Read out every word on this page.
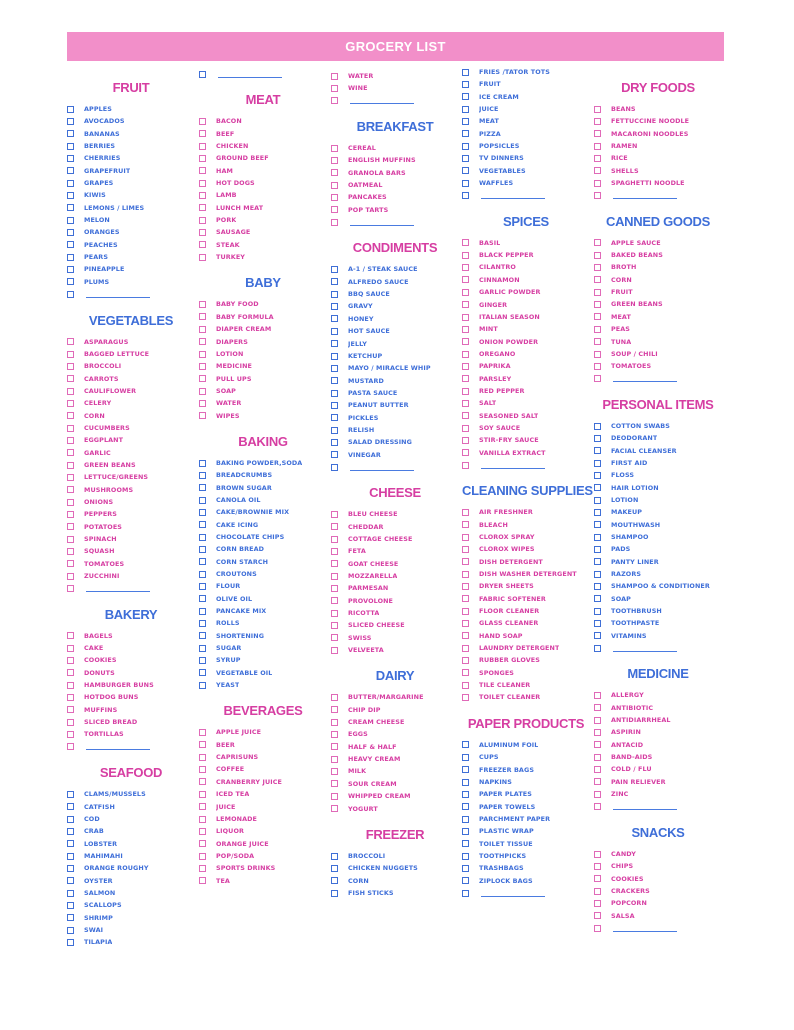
GROCERY LIST
FRUIT
APPLES
AVOCADOS
BANANAS
BERRIES
CHERRIES
GRAPEFRUIT
GRAPES
KIWIS
LEMONS / LIMES
MELON
ORANGES
PEACHES
PEARS
PINEAPPLE
PLUMS
VEGETABLES
ASPARAGUS
BAGGED LETTUCE
BROCCOLI
CARROTS
CAULIFLOWER
CELERY
CORN
CUCUMBERS
EGGPLANT
GARLIC
GREEN BEANS
LETTUCE/GREENS
MUSHROOMS
ONIONS
PEPPERS
POTATOES
SPINACH
SQUASH
TOMATOES
ZUCCHINI
BAKERY
BAGELS
CAKE
COOKIES
DONUTS
HAMBURGER BUNS
HOTDOG BUNS
MUFFINS
SLICED BREAD
TORTILLAS
SEAFOOD
CLAMS/MUSSELS
CATFISH
COD
CRAB
LOBSTER
MAHIMAHI
ORANGE ROUGHY
OYSTER
SALMON
SCALLOPS
SHRIMP
SWAI
TILAPIA
MEAT
BACON
BEEF
CHICKEN
GROUND BEEF
HAM
HOT DOGS
LAMB
LUNCH MEAT
PORK
SAUSAGE
STEAK
TURKEY
BABY
BABY FOOD
BABY FORMULA
DIAPER CREAM
DIAPERS
LOTION
MEDICINE
PULL UPS
SOAP
WATER
WIPES
BAKING
BAKING POWDER,SODA
BREADCRUMBS
BROWN SUGAR
CANOLA OIL
CAKE/BROWNIE MIX
CAKE ICING
CHOCOLATE CHIPS
CORN BREAD
CORN STARCH
CROUTONS
FLOUR
OLIVE OIL
PANCAKE MIX
ROLLS
SHORTENING
SUGAR
SYRUP
VEGETABLE OIL
YEAST
BEVERAGES
APPLE JUICE
BEER
CAPRISUNS
COFFEE
CRANBERRY JUICE
ICED TEA
JUICE
LEMONADE
LIQUOR
ORANGE JUICE
POP/SODA
SPORTS DRINKS
TEA
WATER
WINE
BREAKFAST
CEREAL
ENGLISH MUFFINS
GRANOLA BARS
OATMEAL
PANCAKES
POP TARTS
CONDIMENTS
A-1 / STEAK SAUCE
ALFREDO SAUCE
BBQ SAUCE
GRAVY
HONEY
HOT SAUCE
JELLY
KETCHUP
MAYO / MIRACLE WHIP
MUSTARD
PASTA SAUCE
PEANUT BUTTER
PICKLES
RELISH
SALAD DRESSING
VINEGAR
CHEESE
BLEU CHEESE
CHEDDAR
COTTAGE CHEESE
FETA
GOAT CHEESE
MOZZARELLA
PARMESAN
PROVOLONE
RICOTTA
SLICED CHEESE
SWISS
VELVEETA
DAIRY
BUTTER/MARGARINE
CHIP DIP
CREAM CHEESE
EGGS
HALF & HALF
HEAVY CREAM
MILK
SOUR CREAM
WHIPPED CREAM
YOGURT
FREEZER
BROCCOLI
CHICKEN NUGGETS
CORN
FISH STICKS
FRIES /TATOR TOTS
FRUIT
ICE CREAM
JUICE
MEAT
PIZZA
POPSICLES
TV DINNERS
VEGETABLES
WAFFLES
SPICES
BASIL
BLACK PEPPER
CILANTRO
CINNAMON
GARLIC POWDER
GINGER
ITALIAN SEASON
MINT
ONION POWDER
OREGANO
PAPRIKA
PARSLEY
RED PEPPER
SALT
SEASONED SALT
SOY SAUCE
STIR-FRY SAUCE
VANILLA EXTRACT
CLEANING SUPPLIES
AIR FRESHNER
BLEACH
CLOROX SPRAY
CLOROX WIPES
DISH DETERGENT
DISH WASHER DETERGENT
DRYER SHEETS
FABRIC SOFTENER
FLOOR CLEANER
GLASS CLEANER
HAND SOAP
LAUNDRY DETERGENT
RUBBER GLOVES
SPONGES
TILE CLEANER
TOILET CLEANER
PAPER PRODUCTS
ALUMINUM FOIL
CUPS
FREEZER BAGS
NAPKINS
PAPER PLATES
PAPER TOWELS
PARCHMENT PAPER
PLASTIC WRAP
TOILET TISSUE
TOOTHPICKS
TRASHBAGS
ZIPLOCK BAGS
DRY FOODS
BEANS
FETTUCCINE NOODLE
MACARONI NOODLES
RAMEN
RICE
SHELLS
SPAGHETTI NOODLE
CANNED GOODS
APPLE SAUCE
BAKED BEANS
BROTH
CORN
FRUIT
GREEN BEANS
MEAT
PEAS
TUNA
SOUP / CHILI
TOMATOES
PERSONAL ITEMS
COTTON SWABS
DEODORANT
FACIAL CLEANSER
FIRST AID
FLOSS
HAIR LOTION
LOTION
MAKEUP
MOUTHWASH
SHAMPOO
PADS
PANTY LINER
RAZORS
SHAMPOO & CONDITIONER
SOAP
TOOTHBRUSH
TOOTHPASTE
VITAMINS
MEDICINE
ALLERGY
ANTIBIOTIC
ANTIDIARRHEAL
ASPIRIN
ANTACID
BAND-AIDS
COLD / FLU
PAIN RELIEVER
ZINC
SNACKS
CANDY
CHIPS
COOKIES
CRACKERS
POPCORN
SALSA
